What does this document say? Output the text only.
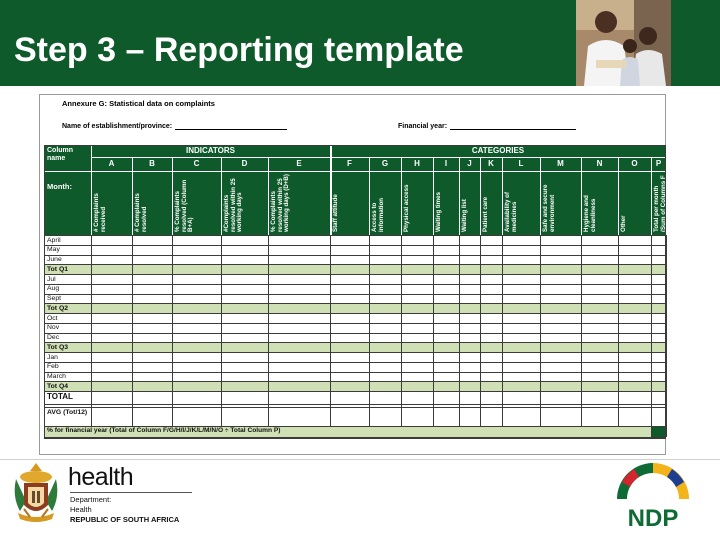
Step 3 – Reporting template
Annexure G: Statistical data on complaints
Name of establishment/province:	Financial year:
Column name
Month:
INDICATORS	CATEGORIES
A
# Complaints received
B
# Complaints resolved
C
% Complaints resolved (Column B+A)
D
#Complaints resolved within 25 working days
E
% Complaints resolved within 25 working days (D+B)
F
Staff attitude
G
Access to information
H
Physical access
I
Waiting times
J
Waiting list
K
Patient care
L
Availability of medicines
M
Safe and secure environment
N
Hygiene and cleanliness
O
Other
P
Total per month (Sum of Columns F to O)
April
May
June
Tot Q1
Jul
Aug
Sept
Tot Q2
Oct
Nov
Dec
Tot Q3
Jan
Feb
March
Tot Q4
TOTAL
AVG (Tot/12)
% for financial year (Total of Column F/G/H/I/J/K/L/M/N/O ÷ Total Column P)
health
Department:
Health
REPUBLIC OF SOUTH AFRICA
2030
NDP
